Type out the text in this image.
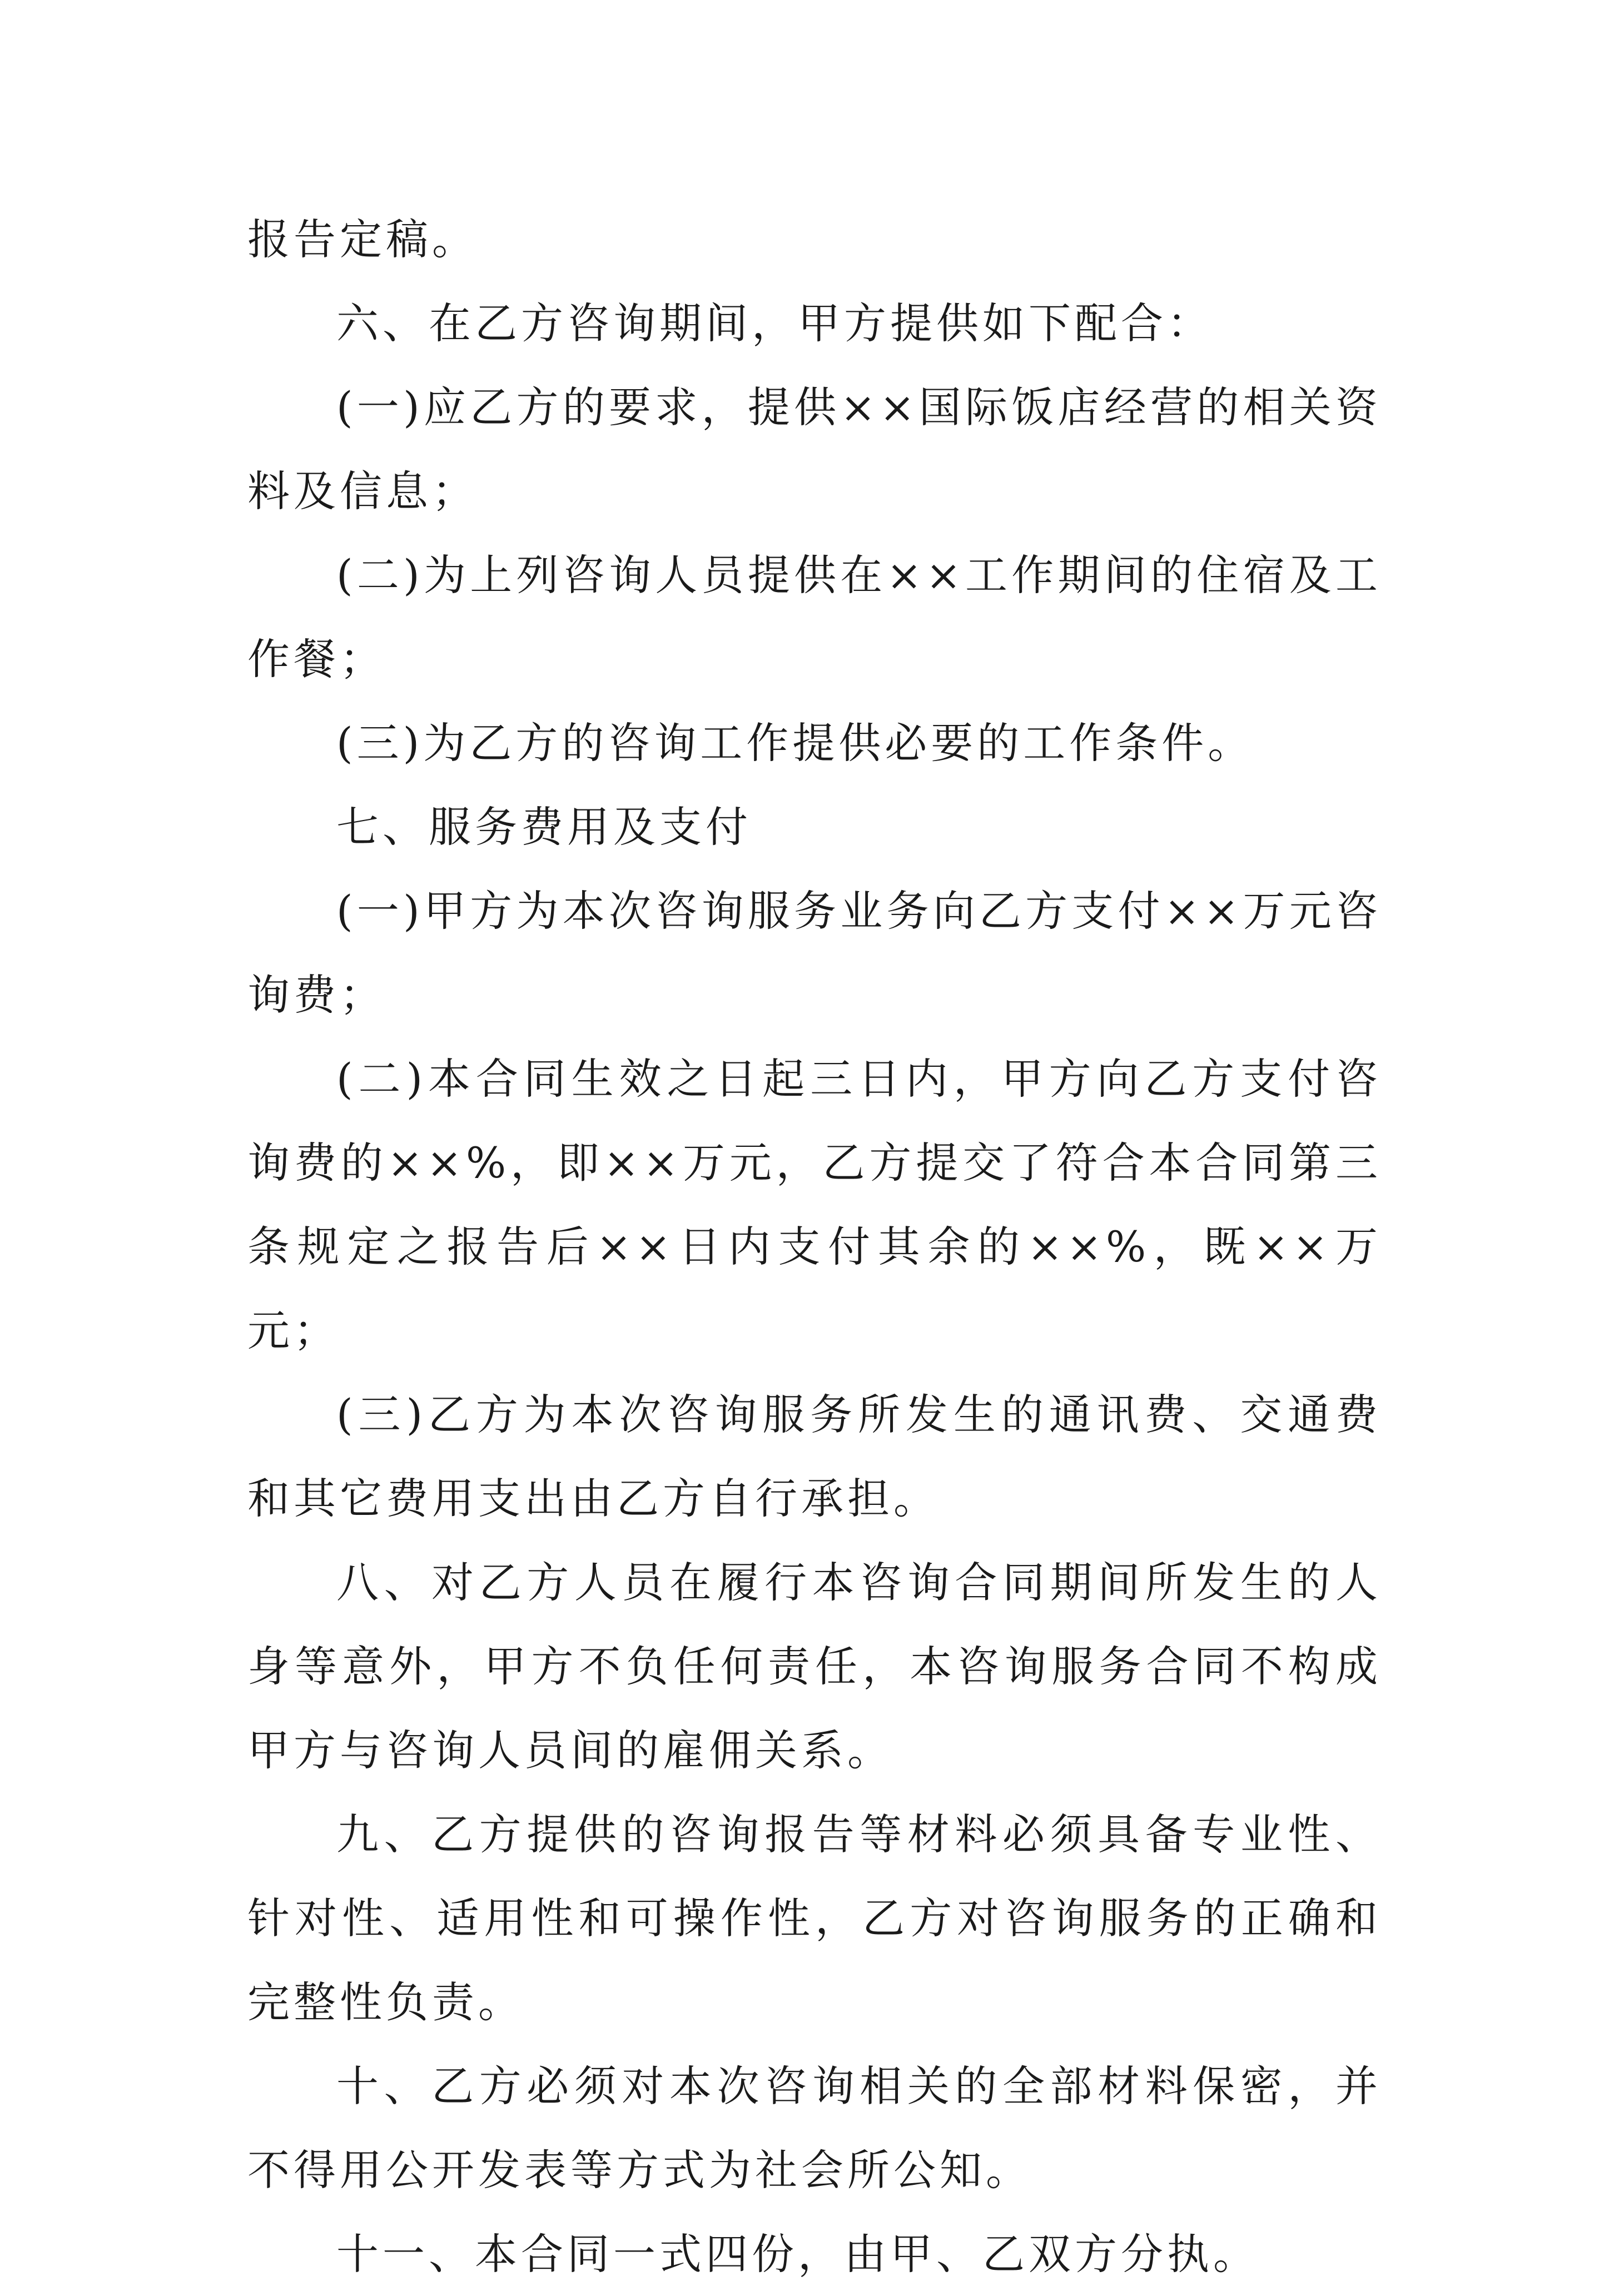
报告定稿。

六、在乙方咨询期间，甲方提供如下配合：

(一)应乙方的要求，提供××国际饭店经营的相关资料及信息；

(二)为上列咨询人员提供在××工作期间的住宿及工作餐；

(三)为乙方的咨询工作提供必要的工作条件。

七、服务费用及支付

(一)甲方为本次咨询服务业务向乙方支付××万元咨询费；

(二)本合同生效之日起三日内，甲方向乙方支付咨询费的××%，即××万元，乙方提交了符合本合同第三条规定之报告后××日内支付其余的××%，既××万元；

(三)乙方为本次咨询服务所发生的通讯费、交通费和其它费用支出由乙方自行承担。

八、对乙方人员在履行本咨询合同期间所发生的人身等意外，甲方不负任何责任，本咨询服务合同不构成甲方与咨询人员间的雇佣关系。

九、乙方提供的咨询报告等材料必须具备专业性、针对性、适用性和可操作性，乙方对咨询服务的正确和完整性负责。

十、乙方必须对本次咨询相关的全部材料保密，并不得用公开发表等方式为社会所公知。

十一、本合同一式四份，由甲、乙双方分执。
